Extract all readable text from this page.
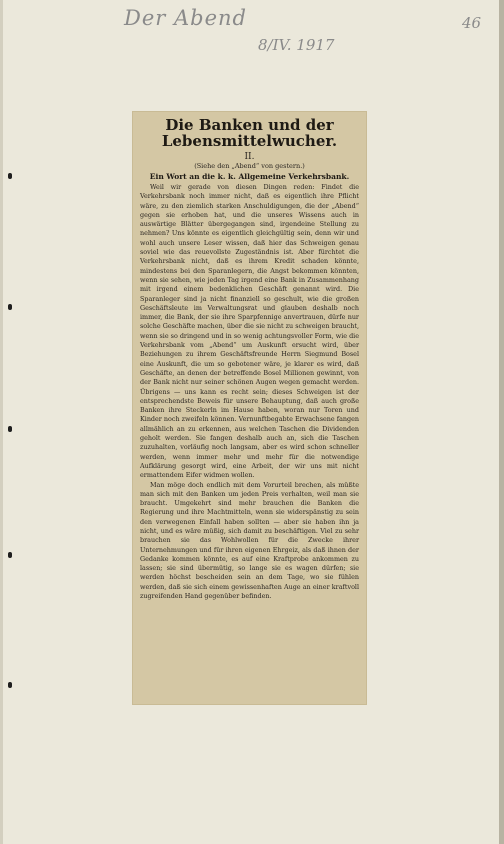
Der Abend
8/IV. 1917
46
Die Banken und der Lebensmittelwucher.
II.
(Siehe den „Abend“ von gestern.)
Ein Wort an die k. k. Allgemeine Verkehrsbank.

Weil wir gerade von diesen Dingen reden: Findet die Verkehrsbank noch immer nicht, daß es eigentlich ihre Pflicht wäre, zu den ziemlich starken Anschuldigungen, die der „Abend“ gegen sie erhoben hat, und die unseres Wissens auch in auswärtige Blätter übergegangen sind, irgendeine Stellung zu nehmen? Uns könnte es eigentlich gleichgültig sein, denn wir und wohl auch unsere Leser wissen, daß hier das Schweigen genau soviel wie das reuevollste Zugeständnis ist. Aber fürchtet die Verkehrsbank nicht, daß es ihrem Kredit schaden könnte, mindestens bei den Sparanlegern, die Angst bekommen könnten, wenn sie sehen, wie jeden Tag irgend eine Bank in Zusammenhang mit irgend einem bedenklichen Geschäft genannt wird. Die Sparanleger sind ja nicht finanziell so geschult, wie die großen Geschäftsleute im Verwaltungsrat und glauben deshalb noch immer, die Bank, der sie ihre Sparpfennige anvertrauen, dürfe nur solche Geschäfte machen, über die sie nicht zu schweigen braucht, wenn sie so dringend und in so wenig achtungsvoller Form, wie die Verkehrsbank vom „Abend“ um Auskunft ersucht wird, über Beziehungen zu ihrem Geschäftsfreunde Herrn Siegmund Bosel eine Auskunft, die um so gebotener wäre, je klarer es wird, daß Geschäfte, an denen der betreffende Bosel Millionen gewinnt, von der Bank nicht nur seiner schönen Augen wegen gemacht werden. Übrigens — uns kann es recht sein; dieses Schweigen ist der entsprechendste Beweis für unsere Behauptung, daß auch große Banken ihre Steckerln im Hause haben, woran nur Toren und Kinder noch zweifeln können. Vernunftbegabte Erwachsene fangen allmählich an zu erkennen, aus welchen Taschen die Dividenden geholt werden. Sie fangen deshalb auch an, sich die Taschen zuzuhalten, vorläufig noch langsam, aber es wird schon schneller werden, wenn immer mehr und mehr für die notwendige Aufklärung gesorgt wird, eine Arbeit, der wir uns mit nicht ermattendem Eifer widmen wollen.

Man möge doch endlich mit dem Vorurteil brechen, als müßte man sich mit den Banken um jeden Preis verhalten, weil man sie braucht. Umgekehrt sind mehr brauchen die Banken die Regierung und ihre Machtmitteln, wenn sie widerspänstig zu sein den verwegenen Einfall haben sollten — aber sie haben ihn ja nicht, und es wäre müßig, sich damit zu beschäftigen. Viel zu sehr brauchen sie das Wohlwollen für die Zwecke ihrer Unternehmungen und für ihren eigenen Ehrgeiz, als daß ihnen der Gedanke kommen könnte, es auf eine Kraftprobe ankommen zu lassen; sie sind übermütig, so lange sie es wagen dürfen; sie werden höchst bescheiden sein an dem Tage, wo sie fühlen werden, daß sie sich einem gewissenhaften Auge an einer kraftvoll zugreifenden Hand gegenüber befinden.
